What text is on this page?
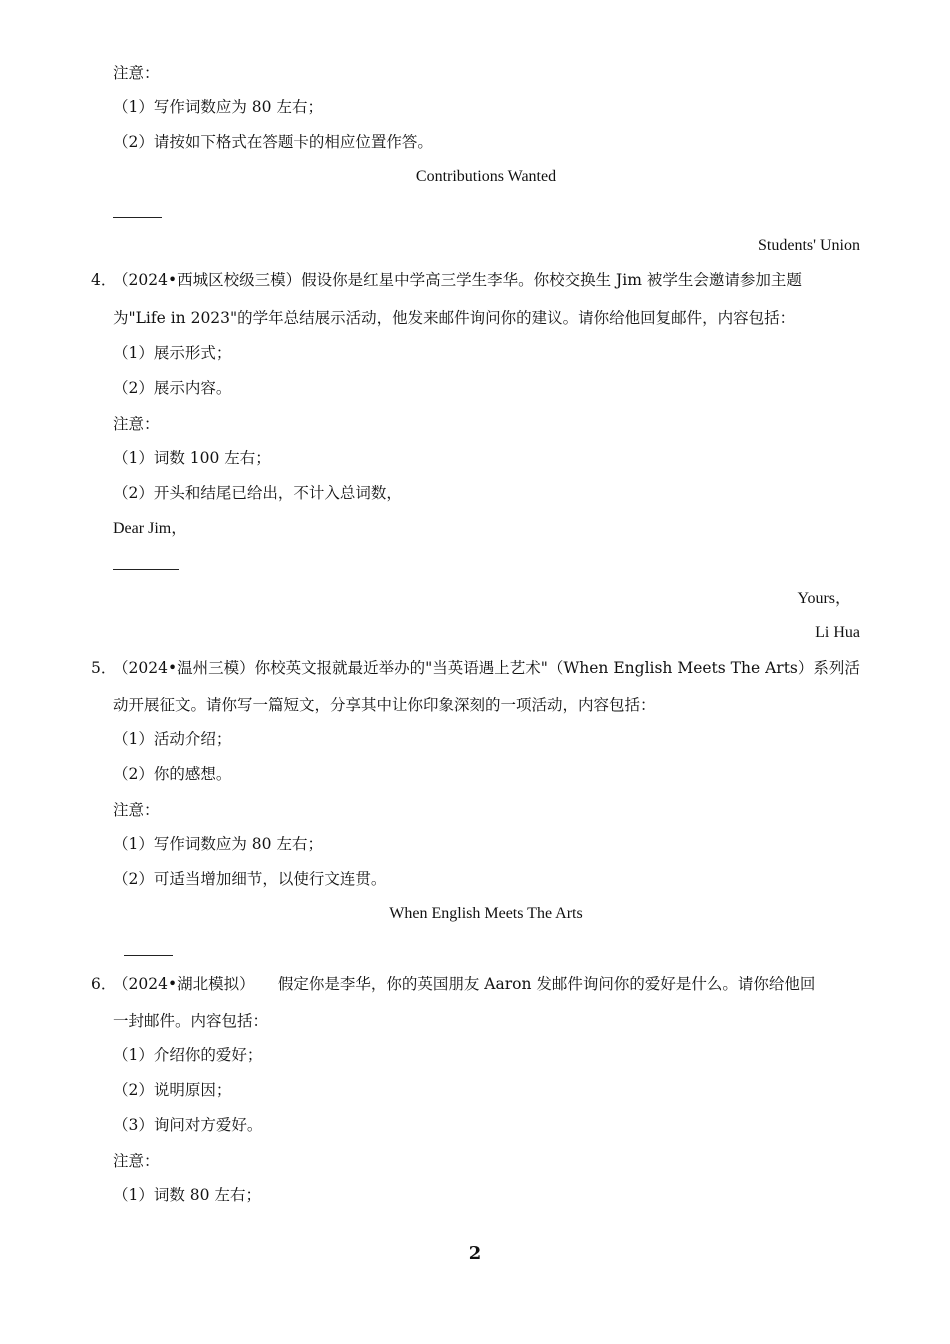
注意：
（1）写作词数应为 80 左右；
（2）请按如下格式在答题卡的相应位置作答。
Contributions Wanted
Students' Union
4．
（2024•西城区校级三模）假设你是红星中学高三学生李华。你校交换生 Jim 被学生会邀请参加主题
为"Life in 2023"的学年总结展示活动，他发来邮件询问你的建议。请你给他回复邮件，内容包括：
（1）展示形式；
（2）展示内容。
注意：
（1）词数 100 左右；
（2）开头和结尾已给出，不计入总词数，
Dear Jim，
Yours，
Li Hua
5．
（2024•温州三模）你校英文报就最近举办的"当英语遇上艺术"（When English Meets The Arts）系列活
动开展征文。请你写一篇短文，分享其中让你印象深刻的一项活动，内容包括：
（1）活动介绍；
（2）你的感想。
注意：
（1）写作词数应为 80 左右；
（2）可适当增加细节，以使行文连贯。
When English Meets The Arts
6．
（2024•湖北模拟）　　假定你是李华，你的英国朋友 Aaron 发邮件询问你的爱好是什么。请你给他回
一封邮件。内容包括：
（1）介绍你的爱好；
（2）说明原因；
（3）询问对方爱好。
注意：
（1）词数 80 左右；
2
